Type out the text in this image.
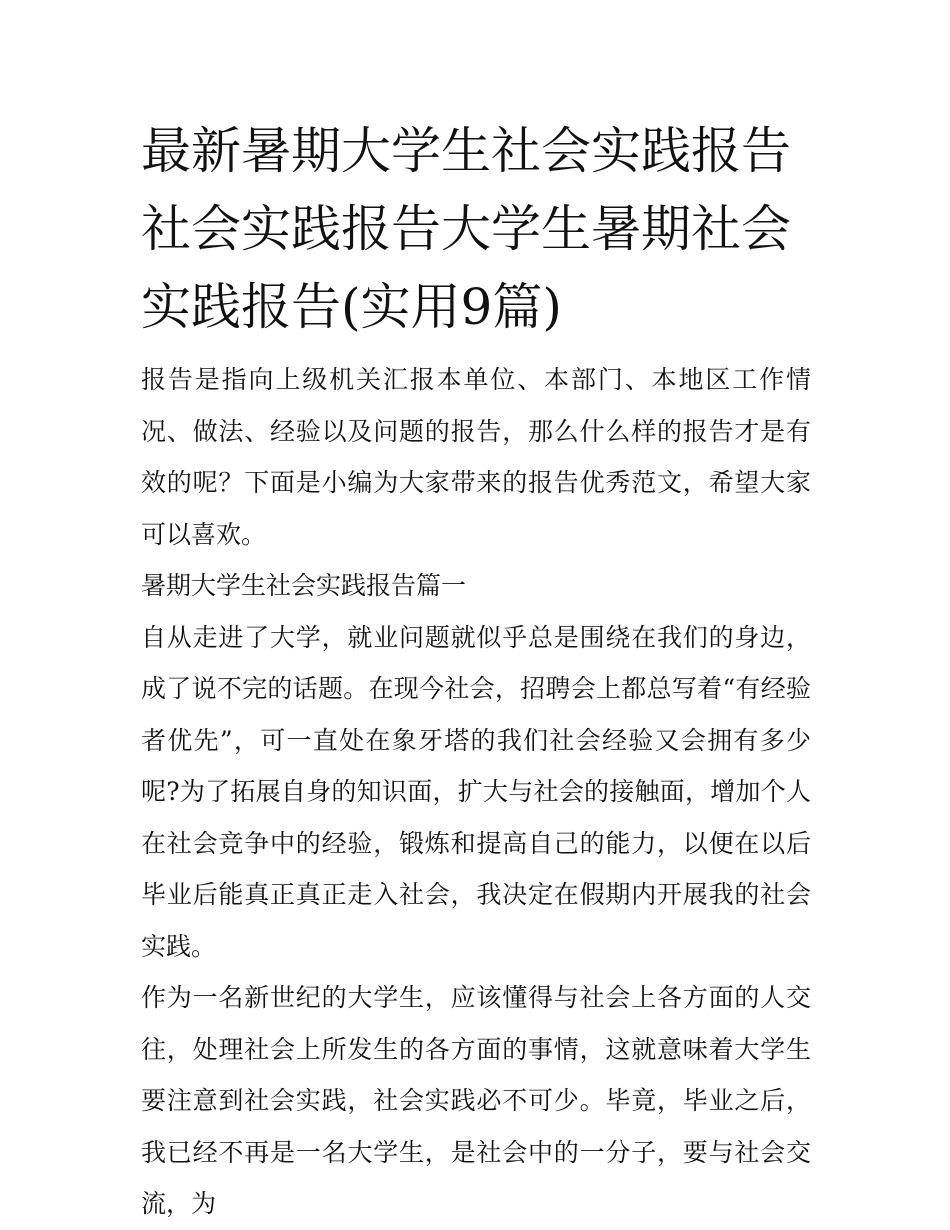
最新暑期大学生社会实践报告社会实践报告大学生暑期社会实践报告(实用9篇)

报告是指向上级机关汇报本单位、本部门、本地区工作情况、做法、经验以及问题的报告，那么什么样的报告才是有效的呢？下面是小编为大家带来的报告优秀范文，希望大家可以喜欢。

暑期大学生社会实践报告篇一

自从走进了大学，就业问题就似乎总是围绕在我们的身边，成了说不完的话题。在现今社会，招聘会上都总写着“有经验者优先”，可一直处在象牙塔的我们社会经验又会拥有多少呢?为了拓展自身的知识面，扩大与社会的接触面，增加个人在社会竞争中的经验，锻炼和提高自己的能力，以便在以后毕业后能真正真正走入社会，我决定在假期内开展我的社会实践。

作为一名新世纪的大学生，应该懂得与社会上各方面的人交往，处理社会上所发生的各方面的事情，这就意味着大学生要注意到社会实践，社会实践必不可少。毕竟，毕业之后，我已经不再是一名大学生，是社会中的一分子，要与社会交流，为
